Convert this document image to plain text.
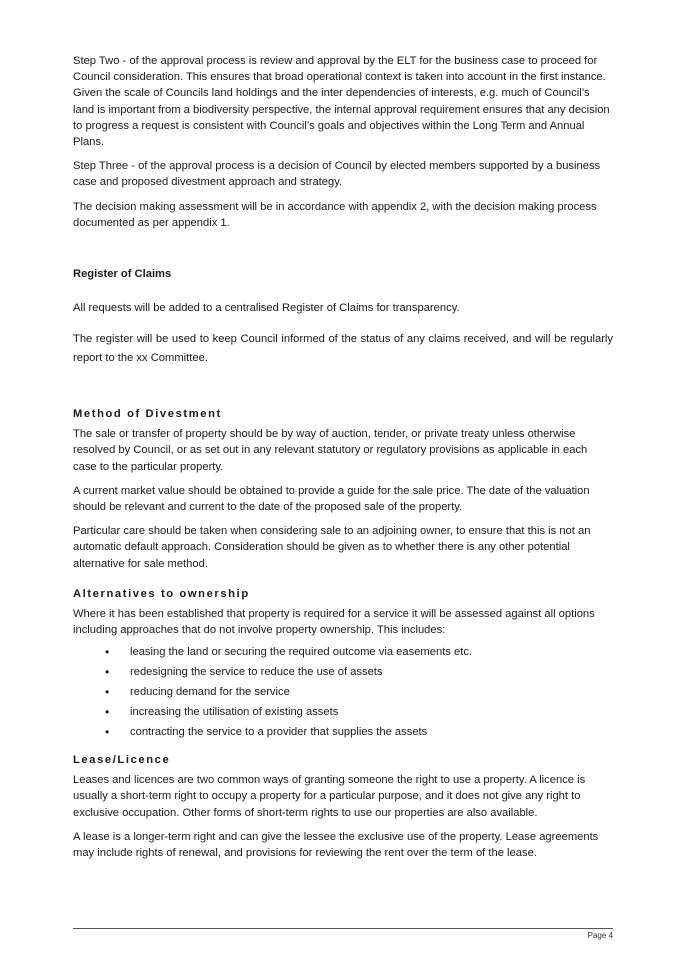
Step Two - of the approval process is review and approval by the ELT for the business case to proceed for Council consideration. This ensures that broad operational context is taken into account in the first instance. Given the scale of Councils land holdings and the inter dependencies of interests, e.g. much of Council’s land is important from a biodiversity perspective, the internal approval requirement ensures that any decision to progress a request is consistent with Council’s goals and objectives within the Long Term and Annual Plans.

Step Three - of the approval process is a decision of Council by elected members supported by a business case and proposed divestment approach and strategy.

The decision making assessment will be in accordance with appendix 2, with the decision making process documented as per appendix 1.

Register of Claims

All requests will be added to a centralised Register of Claims for transparency.

The register will be used to keep Council informed of the status of any claims received, and will be regularly report to the xx Committee.

Method of Divestment

The sale or transfer of property should be by way of auction, tender, or private treaty unless otherwise resolved by Council, or as set out in any relevant statutory or regulatory provisions as applicable in each case to the particular property.

A current market value should be obtained to provide a guide for the sale price. The date of the valuation should be relevant and current to the date of the proposed sale of the property.

Particular care should be taken when considering sale to an adjoining owner, to ensure that this is not an automatic default approach. Consideration should be given as to whether there is any other potential alternative for sale method.

Alternatives to ownership

Where it has been established that property is required for a service it will be assessed against all options including approaches that do not involve property ownership. This includes:

• leasing the land or securing the required outcome via easements etc.
• redesigning the service to reduce the use of assets
• reducing demand for the service
• increasing the utilisation of existing assets
• contracting the service to a provider that supplies the assets
Lease/Licence

Leases and licences are two common ways of granting someone the right to use a property. A licence is usually a short-term right to occupy a property for a particular purpose, and it does not give any right to exclusive occupation. Other forms of short-term rights to use our properties are also available.

A lease is a longer-term right and can give the lessee the exclusive use of the property. Lease agreements may include rights of renewal, and provisions for reviewing the rent over the term of the lease.

Page 4
